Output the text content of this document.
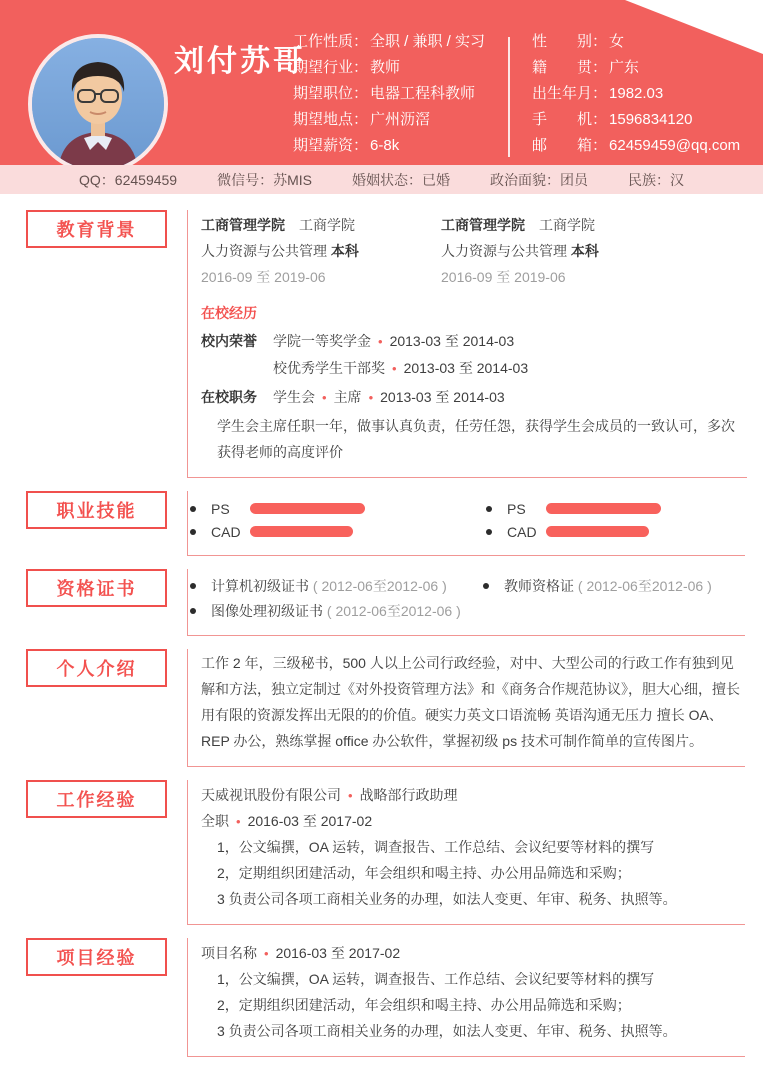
刘付苏哥
工作性质： 全职 / 兼职 / 实习
期望行业： 教师
期望职位： 电器工程科教师
期望地点： 广州沥滘
期望薪资： 6-8k
性　　别： 女
籍　　贯： 广东
出生年月： 1982.03
手　　机： 1596834120
邮　　箱： 62459459@qq.com
QQ：62459459	微信号：苏MIS	婚姻状态：已婚	政治面貌：团员	民族：汉
教育背景	工商管理学院　 工商学院
人力资源与公共管理 本科
2016-09 至 2019-06
工商管理学院　 工商学院
人力资源与公共管理 本科
2016-09 至 2019-06
在校经历
校内荣誉	学院一等奖学金 • 2013-03 至 2014-03
校优秀学生干部奖 • 2013-03 至 2014-03
在校职务	学生会 • 主席 • 2013-03 至 2014-03
学生会主席任职一年，做事认真负责，任劳任怨，获得学生会成员的一致认可，多次获得老师的高度评价
职业技能	PS
CAD
PS
CAD
资格证书	计算机初级证书
( 2012-06至2012-06 )
图像处理初级证书
( 2012-06至2012-06 )
教师资格证
( 2012-06至2012-06 )
个人介绍	工作 2 年，三级秘书，500 人以上公司行政经验，对中、大型公司的行政工作有独到见解和方法，独立定制过《对外投资管理方法》和《商务合作规范协议》，胆大心细，擅长用有限的资源发挥出无限的的价值。硬实力英文口语流畅 英语沟通无压力 擅长 OA、REP 办公，熟练掌握 office 办公软件，掌握初级 ps 技术可制作简单的宣传图片。

工作经验	天威视讯股份有限公司 • 战略部行政助理
全职 • 2016-03 至 2017-02
1，公文编撰，OA 运转，调查报告、工作总结、会议纪要等材料的撰写
2，定期组织团建活动，年会组织和喝主持、办公用品筛选和采购；
3 负责公司各项工商相关业务的办理，如法人变更、年审、税务、执照等。
项目经验	项目名称 • 2016-03 至 2017-02
1，公文编撰，OA 运转，调查报告、工作总结、会议纪要等材料的撰写
2，定期组织团建活动，年会组织和喝主持、办公用品筛选和采购；
3 负责公司各项工商相关业务的办理，如法人变更、年审、税务、执照等。
